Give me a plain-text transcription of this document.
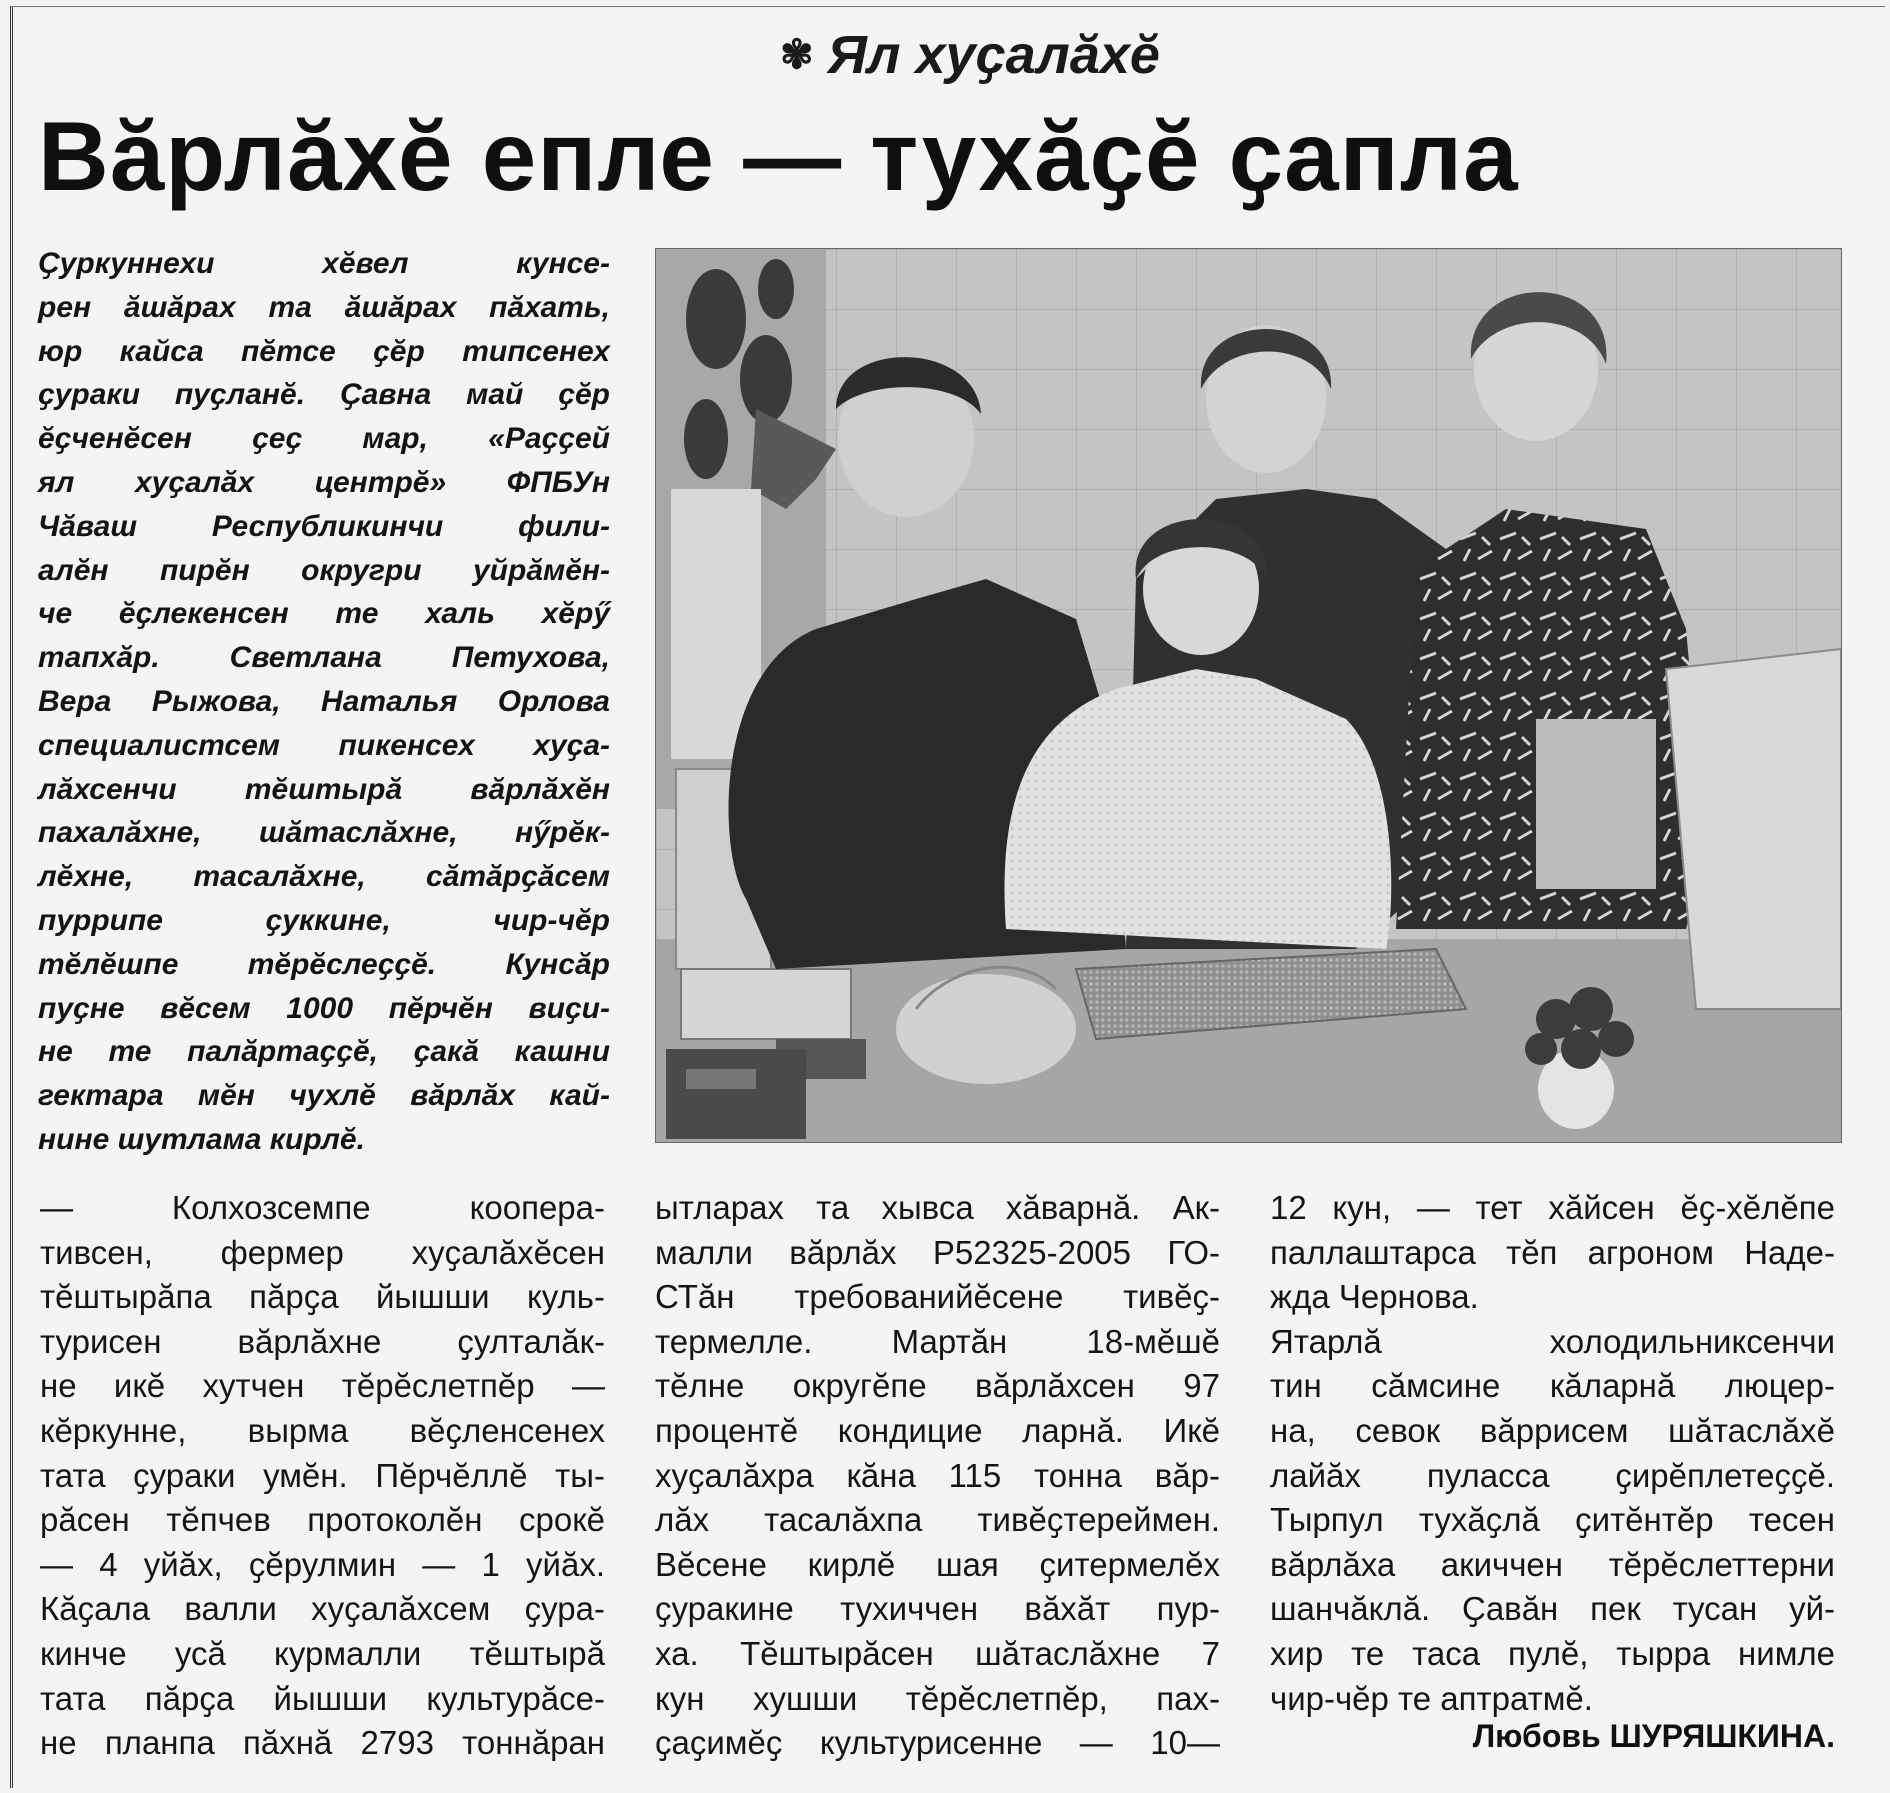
✾ Ял хуҫалӑхӗ
Вӑрлӑхӗ епле — тухӑҫӗ ҫапла

Ҫуркуннехи хӗвел кунсе-
рен ӑшӑрах та ӑшӑрах пӑхать,
юр кайса пӗтсе ҫӗр типсенех
ҫураки пуҫланӗ. Ҫавна май ҫӗр
ӗҫченӗсен ҫеҫ мар, «Раҫҫей
ял хуҫалӑх центрӗ» ФПБУн
Чӑваш Республикинчи фили-
алӗн пирӗн округри уйрӑмӗн-
че ӗҫлекенсен те халь хӗрӳ
тапхӑр. Светлана Петухова,
Вера Рыжова, Наталья Орлова
специалистсем пикенсех хуҫа-
лӑхсенчи тӗштырӑ вӑрлӑхӗн
пахалӑхне, шӑтаслӑхне, нӳрӗк-
лӗхне, тасалӑхне, сӑтӑрҫӑсем
пуррипе ҫуккине, чир-чӗр
тӗлӗшпе тӗрӗслеҫҫӗ. Кунсӑр
пуҫне вӗсем 1000 пӗрчӗн виҫи-
не те палӑртаҫҫӗ, ҫакӑ кашни
гектара мӗн чухлӗ вӑрлӑх кай-
нине шутлама кирлӗ.

— Колхозсемпе коопера-
тивсен, фермер хуҫалӑхӗсен
тӗштырӑпа пӑрҫа йышши куль-
турисен вӑрлӑхне ҫулталӑк-
не икӗ хутчен тӗрӗслетпӗр —
кӗркунне, вырма вӗҫленсенех
тата ҫураки умӗн. Пӗрчӗллӗ ты-
рӑсен тӗпчев протоколӗн срокӗ
— 4 уйӑх, ҫӗрулмин — 1 уйӑх.
Кӑҫала валли хуҫалӑхсем ҫура-
кинче усӑ курмалли тӗштырӑ
тата пӑрҫа йышши культурӑсе-
не планпа пӑхнӑ 2793 тоннӑран
ытларах та хывса хӑварнӑ. Ак-
малли вӑрлӑх Р52325-2005 ГО-
СТӑн требованийӗсене тивӗҫ-
термелле. Мартӑн 18-мӗшӗ
тӗлне округӗпе вӑрлӑхсен 97
процентӗ кондицие ларнӑ. Икӗ
хуҫалӑхра кӑна 115 тонна вӑр-
лӑх тасалӑхпа тивӗҫтереймен.
Вӗсене кирлӗ шая ҫитермелӗх
ҫуракине тухиччен вӑхӑт пур-
ха. Тӗштырӑсен шӑтаслӑхне 7
кун хушши тӗрӗслетпӗр, пах-
ҫаҫимӗҫ культурисенне — 10—
12 кун, — тет хӑйсен ӗҫ-хӗлӗпе
паллаштарса тӗп агроном Наде-
жда Чернова.
Ятарлӑ холодильниксенчи
тин сӑмсине кӑларнӑ люцер-
на, севок вӑррисем шӑтаслӑхӗ
лайӑх пуласса ҫирӗплетеҫҫӗ.
Тырпул тухӑҫлӑ ҫитӗнтӗр тесен
вӑрлӑха акиччен тӗрӗслеттерни
шанчӑклӑ. Ҫавӑн пек тусан уй-
хир те таса пулӗ, тырра нимле
чир-чӗр те аптратмӗ.
Любовь ШУРЯШКИНА.
